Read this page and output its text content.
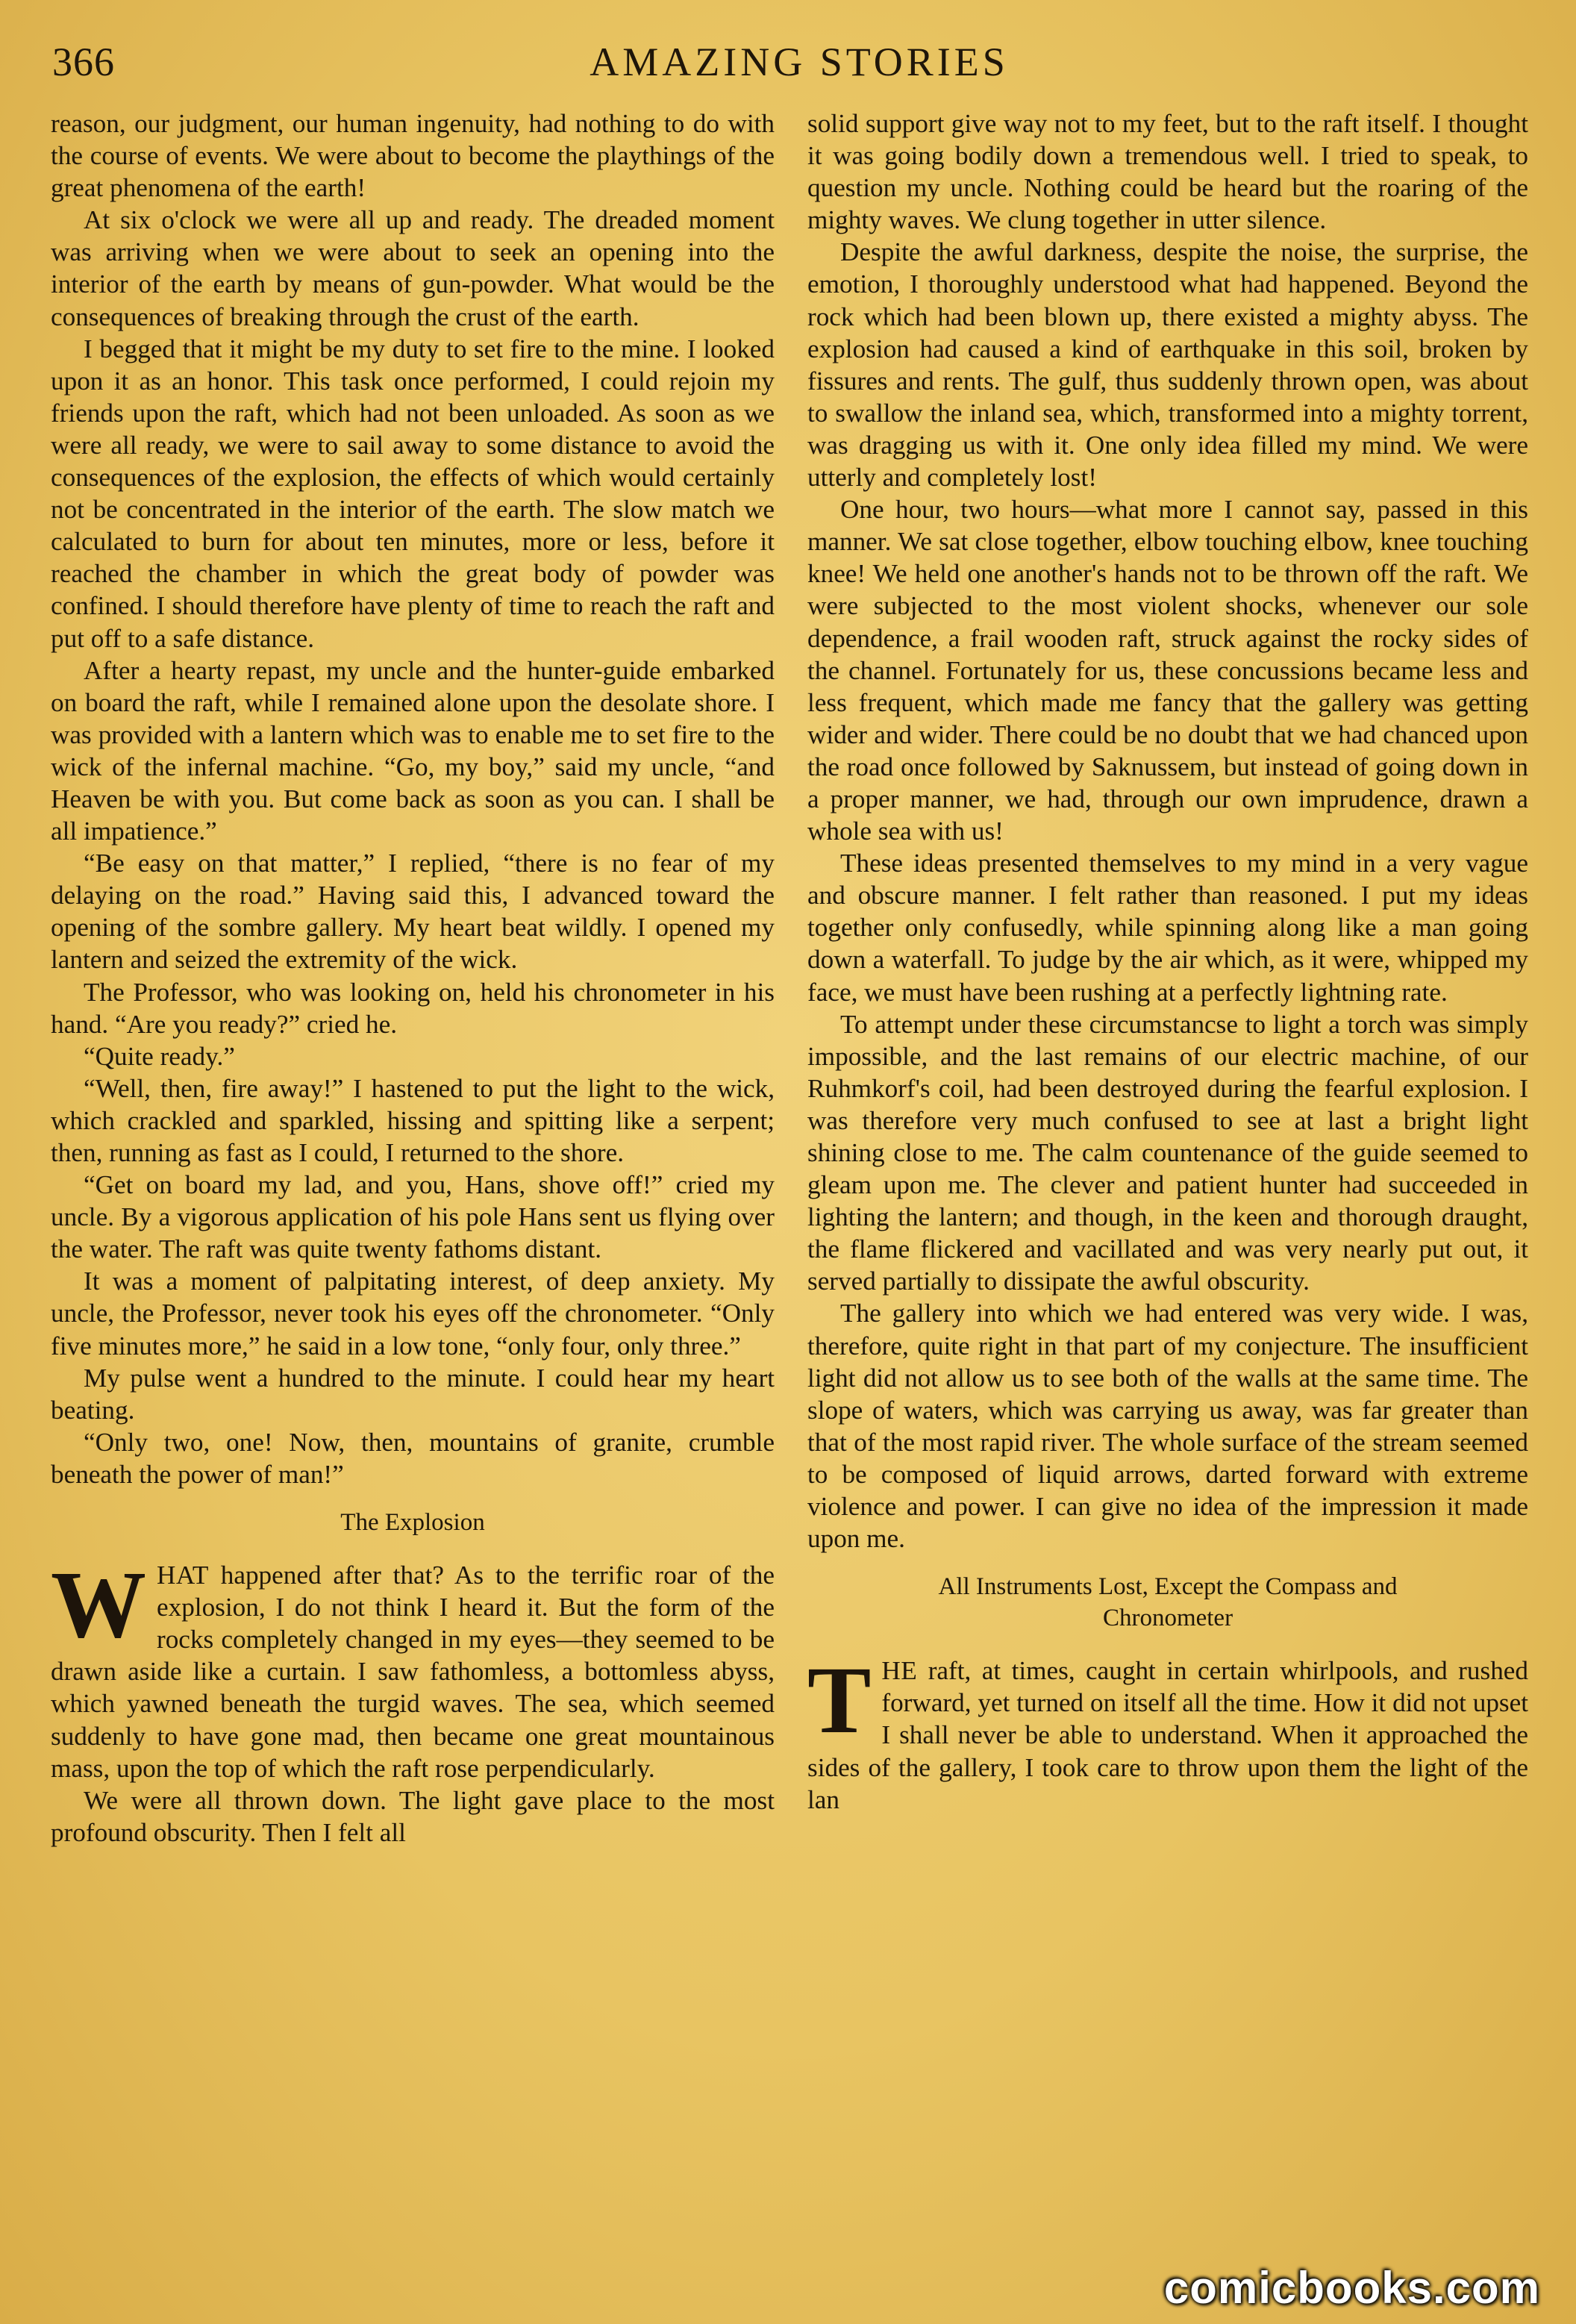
366	AMAZING STORIES

reason, our judgment, our human ingenuity, had nothing to do with the course of events. We were about to become the playthings of the great phenomena of the earth!

At six o'clock we were all up and ready. The dreaded moment was arriving when we were about to seek an opening into the interior of the earth by means of gun-powder. What would be the consequences of breaking through the crust of the earth.

I begged that it might be my duty to set fire to the mine. I looked upon it as an honor. This task once performed, I could rejoin my friends upon the raft, which had not been unloaded. As soon as we were all ready, we were to sail away to some distance to avoid the consequences of the explosion, the effects of which would certainly not be concentrated in the interior of the earth. The slow match we calculated to burn for about ten minutes, more or less, before it reached the chamber in which the great body of powder was confined. I should therefore have plenty of time to reach the raft and put off to a safe distance.

After a hearty repast, my uncle and the hunter-guide embarked on board the raft, while I remained alone upon the desolate shore. I was provided with a lantern which was to enable me to set fire to the wick of the infernal machine. “Go, my boy,” said my uncle, “and Heaven be with you. But come back as soon as you can. I shall be all impatience.”

“Be easy on that matter,” I replied, “there is no fear of my delaying on the road.” Having said this, I advanced toward the opening of the sombre gallery. My heart beat wildly. I opened my lantern and seized the extremity of the wick.

The Professor, who was looking on, held his chronometer in his hand. “Are you ready?” cried he.

“Quite ready.”

“Well, then, fire away!” I hastened to put the light to the wick, which crackled and sparkled, hissing and spitting like a serpent; then, running as fast as I could, I returned to the shore.

“Get on board my lad, and you, Hans, shove off!” cried my uncle. By a vigorous application of his pole Hans sent us flying over the water. The raft was quite twenty fathoms distant.

It was a moment of palpitating interest, of deep anxiety. My uncle, the Professor, never took his eyes off the chronometer. “Only five minutes more,” he said in a low tone, “only four, only three.”

My pulse went a hundred to the minute. I could hear my heart beating.

“Only two, one! Now, then, mountains of granite, crumble beneath the power of man!”

The Explosion

WHAT happened after that? As to the terrific roar of the explosion, I do not think I heard it. But the form of the rocks completely changed in my eyes—they seemed to be drawn aside like a curtain. I saw fathomless, a bottomless abyss, which yawned beneath the turgid waves. The sea, which seemed suddenly to have gone mad, then became one great mountainous mass, upon the top of which the raft rose perpendicularly.

We were all thrown down. The light gave place to the most profound obscurity. Then I felt all

solid support give way not to my feet, but to the raft itself. I thought it was going bodily down a tremendous well. I tried to speak, to question my uncle. Nothing could be heard but the roaring of the mighty waves. We clung together in utter silence.

Despite the awful darkness, despite the noise, the surprise, the emotion, I thoroughly understood what had happened. Beyond the rock which had been blown up, there existed a mighty abyss. The explosion had caused a kind of earthquake in this soil, broken by fissures and rents. The gulf, thus suddenly thrown open, was about to swallow the inland sea, which, transformed into a mighty torrent, was dragging us with it. One only idea filled my mind. We were utterly and completely lost!

One hour, two hours—what more I cannot say, passed in this manner. We sat close together, elbow touching elbow, knee touching knee! We held one another's hands not to be thrown off the raft. We were subjected to the most violent shocks, whenever our sole dependence, a frail wooden raft, struck against the rocky sides of the channel. Fortunately for us, these concussions became less and less frequent, which made me fancy that the gallery was getting wider and wider. There could be no doubt that we had chanced upon the road once followed by Saknussem, but instead of going down in a proper manner, we had, through our own imprudence, drawn a whole sea with us!

These ideas presented themselves to my mind in a very vague and obscure manner. I felt rather than reasoned. I put my ideas together only confusedly, while spinning along like a man going down a waterfall. To judge by the air which, as it were, whipped my face, we must have been rushing at a perfectly lightning rate.

To attempt under these circumstancse to light a torch was simply impossible, and the last remains of our electric machine, of our Ruhmkorf's coil, had been destroyed during the fearful explosion. I was therefore very much confused to see at last a bright light shining close to me. The calm countenance of the guide seemed to gleam upon me. The clever and patient hunter had succeeded in lighting the lantern; and though, in the keen and thorough draught, the flame flickered and vacillated and was very nearly put out, it served partially to dissipate the awful obscurity.

The gallery into which we had entered was very wide. I was, therefore, quite right in that part of my conjecture. The insufficient light did not allow us to see both of the walls at the same time. The slope of waters, which was carrying us away, was far greater than that of the most rapid river. The whole surface of the stream seemed to be composed of liquid arrows, darted forward with extreme violence and power. I can give no idea of the impression it made upon me.

All Instruments Lost, Except the Compass and
Chronometer

THE raft, at times, caught in certain whirlpools, and rushed forward, yet turned on itself all the time. How it did not upset I shall never be able to understand. When it approached the sides of the gallery, I took care to throw upon them the light of the lan

comicbooks.com
